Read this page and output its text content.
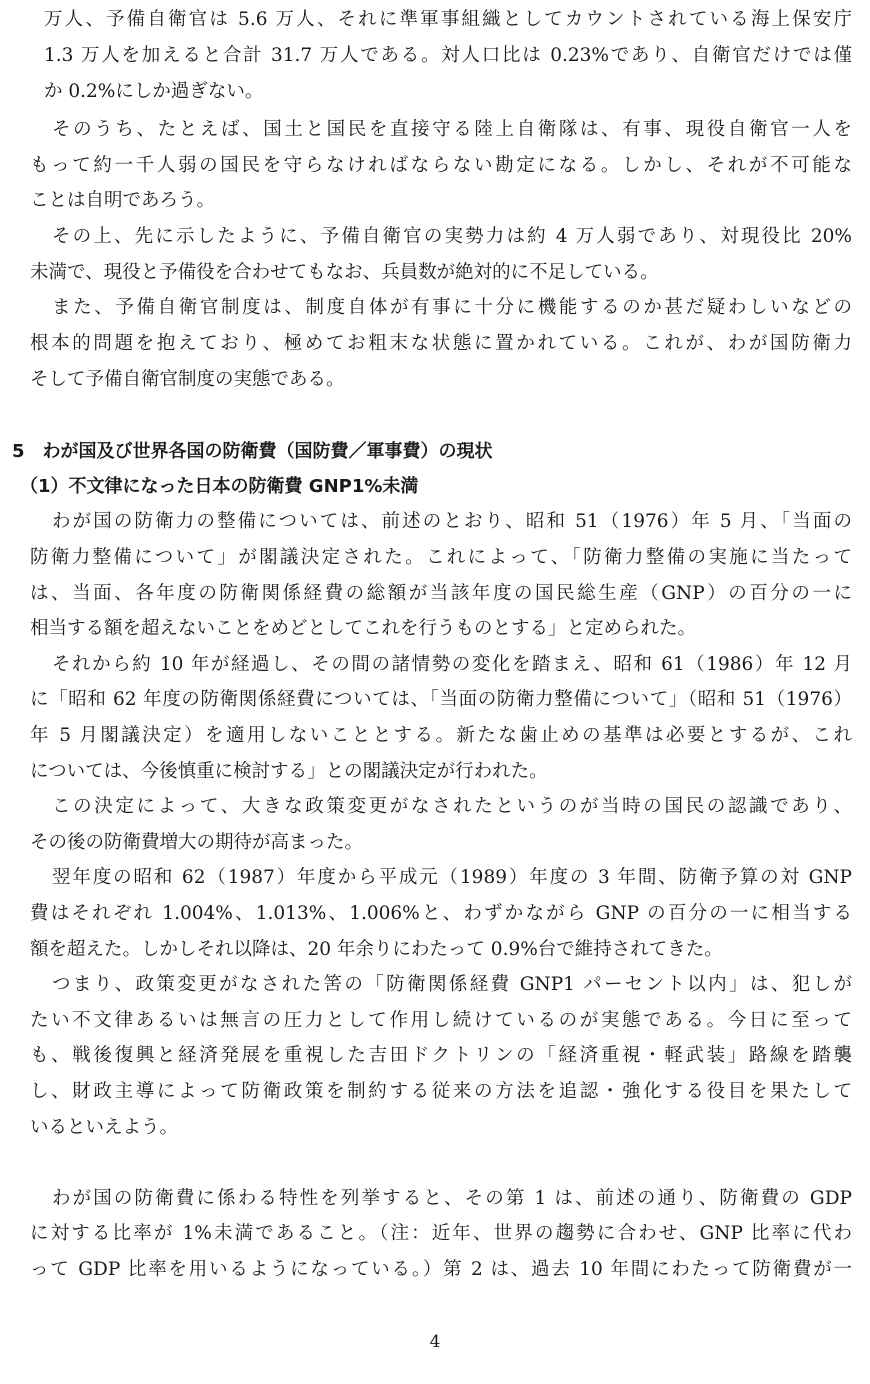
万人、予備自衛官は 5.6 万人、それに準軍事組織としてカウントされている海上保安庁
1.3 万人を加えると合計 31.7 万人である。対人口比は 0.23%であり、自衛官だけでは僅
か 0.2%にしか過ぎない。
そのうち、たとえば、国土と国民を直接守る陸上自衛隊は、有事、現役自衛官一人を
もって約一千人弱の国民を守らなければならない勘定になる。しかし、それが不可能な
ことは自明であろう。
その上、先に示したように、予備自衛官の実勢力は約 4 万人弱であり、対現役比 20%
未満で、現役と予備役を合わせてもなお、兵員数が絶対的に不足している。
また、予備自衛官制度は、制度自体が有事に十分に機能するのか甚だ疑わしいなどの
根本的問題を抱えており、極めてお粗末な状態に置かれている。これが、わが国防衛力
そして予備自衛官制度の実態である。
5　わが国及び世界各国の防衛費（国防費／軍事費）の現状
（1）不文律になった日本の防衛費 GNP1%未満
わが国の防衛力の整備については、前述のとおり、昭和 51（1976）年 5 月、「当面の
防衛力整備について」が閣議決定された。これによって、「防衛力整備の実施に当たって
は、当面、各年度の防衛関係経費の総額が当該年度の国民総生産（GNP）の百分の一に
相当する額を超えないことをめどとしてこれを行うものとする」と定められた。
それから約 10 年が経過し、その間の諸情勢の変化を踏まえ、昭和 61（1986）年 12 月
に「昭和 62 年度の防衛関係経費については、「当面の防衛力整備について」（昭和 51（1976）
年 5 月閣議決定）を適用しないこととする。新たな歯止めの基準は必要とするが、これ
については、今後慎重に検討する」との閣議決定が行われた。
この決定によって、大きな政策変更がなされたというのが当時の国民の認識であり、
その後の防衛費増大の期待が高まった。
翌年度の昭和 62（1987）年度から平成元（1989）年度の 3 年間、防衛予算の対 GNP
費はそれぞれ 1.004%、1.013%、1.006%と、わずかながら GNP の百分の一に相当する
額を超えた。しかしそれ以降は、20 年余りにわたって 0.9%台で維持されてきた。
つまり、政策変更がなされた筈の「防衛関係経費 GNP1 パーセント以内」は、犯しが
たい不文律あるいは無言の圧力として作用し続けているのが実態である。今日に至って
も、戦後復興と経済発展を重視した吉田ドクトリンの「経済重視・軽武装」路線を踏襲
し、財政主導によって防衛政策を制約する従来の方法を追認・強化する役目を果たして
いるといえよう。
わが国の防衛費に係わる特性を列挙すると、その第 1 は、前述の通り、防衛費の GDP
に対する比率が 1%未満であること。（注：近年、世界の趨勢に合わせ、GNP 比率に代わ
って GDP 比率を用いるようになっている。）第 2 は、過去 10 年間にわたって防衛費が一
4
